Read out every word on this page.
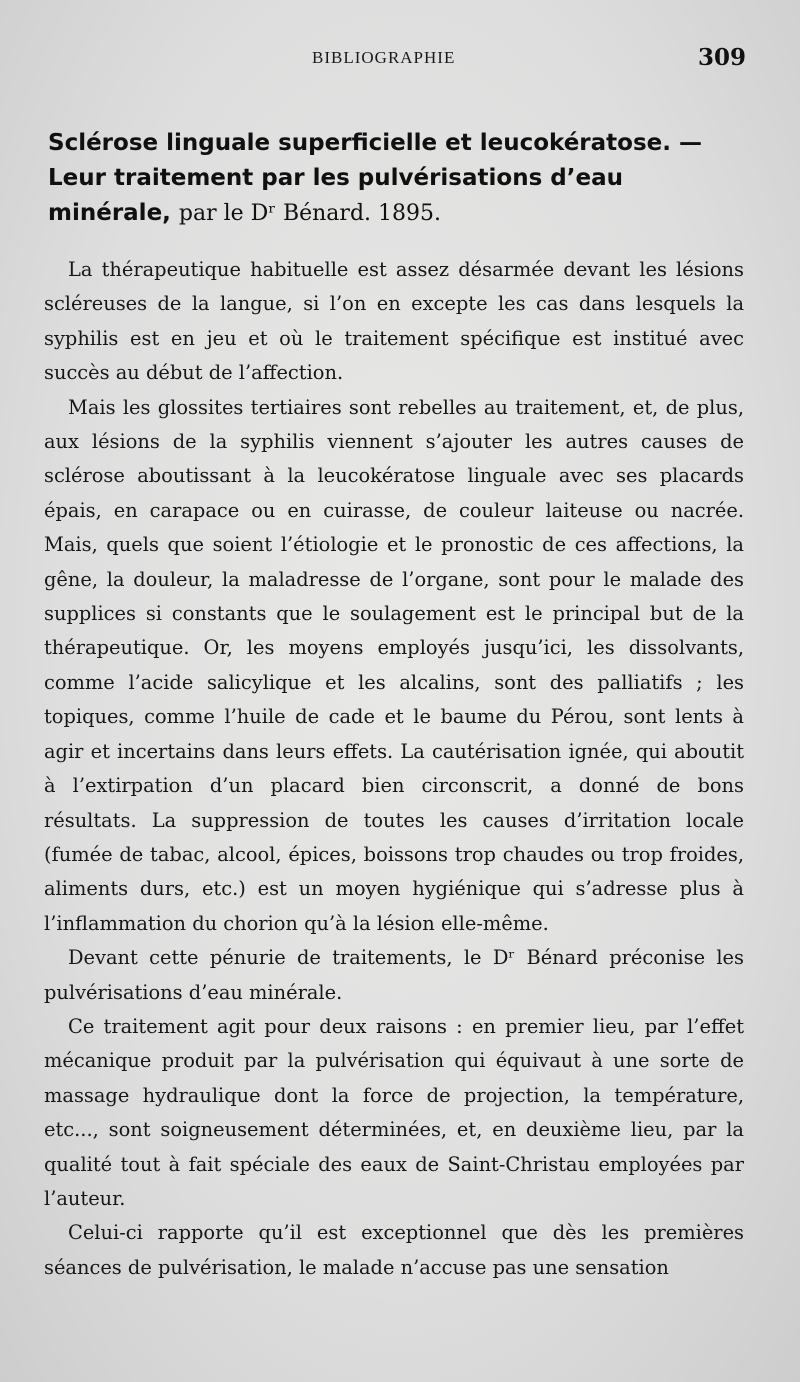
BIBLIOGRAPHIE	309
Sclérose linguale superficielle et leucokératose. — Leur traitement par les pulvérisations d’eau minérale, par le Dʳ Bénard. 1895.

La thérapeutique habituelle est assez désarmée devant les lésions scléreuses de la langue, si l’on en excepte les cas dans lesquels la syphilis est en jeu et où le traitement spécifique est institué avec succès au début de l’affection.

Mais les glossites tertiaires sont rebelles au traitement, et, de plus, aux lésions de la syphilis viennent s’ajouter les autres causes de sclérose aboutissant à la leucokératose linguale avec ses placards épais, en carapace ou en cuirasse, de couleur laiteuse ou nacrée. Mais, quels que soient l’étiologie et le pronostic de ces affections, la gêne, la douleur, la maladresse de l’organe, sont pour le malade des supplices si constants que le soulagement est le principal but de la thérapeutique. Or, les moyens employés jusqu’ici, les dissolvants, comme l’acide salicylique et les alcalins, sont des palliatifs ; les topiques, comme l’huile de cade et le baume du Pérou, sont lents à agir et incertains dans leurs effets. La cautérisation ignée, qui aboutit à l’extirpation d’un placard bien circonscrit, a donné de bons résultats. La suppression de toutes les causes d’irritation locale (fumée de tabac, alcool, épices, boissons trop chaudes ou trop froides, aliments durs, etc.) est un moyen hygiénique qui s’adresse plus à l’inflammation du chorion qu’à la lésion elle-même.

Devant cette pénurie de traitements, le Dʳ Bénard préconise les pulvérisations d’eau minérale.

Ce traitement agit pour deux raisons : en premier lieu, par l’effet mécanique produit par la pulvérisation qui équivaut à une sorte de massage hydraulique dont la force de projection, la température, etc..., sont soigneusement déterminées, et, en deuxième lieu, par la qualité tout à fait spéciale des eaux de Saint-Christau employées par l’auteur.

Celui-ci rapporte qu’il est exceptionnel que dès les premières séances de pulvérisation, le malade n’accuse pas une sensation
